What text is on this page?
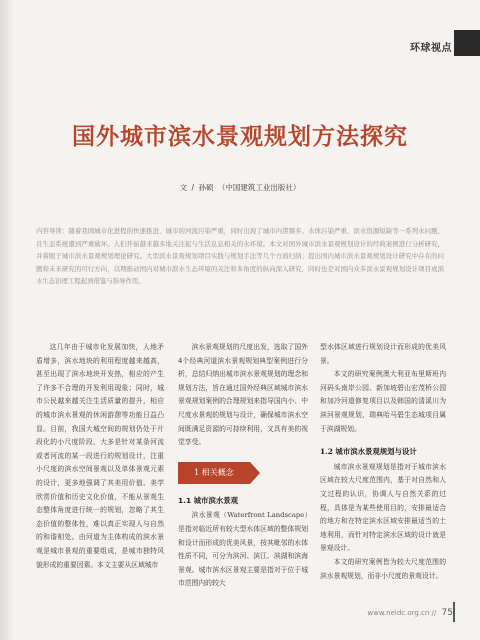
环球视点
国外城市滨水景观规划方法探究
文 / 孙硕 （中国建筑工业出版社）
内容导读：随着我国城市化进程的快速推进，城市的河流污染严重，同时出现了城市内涝频多、水体污染严重、滨水资源短缺等一系列水问题，且生态系统遭到严重破坏。人们开始越来越多地关注起与生活息息相关的水环境。本文对国外城市滨水景观规划设计的经典案例进行分析研究，并着眼于城市滨水景观规划理论研究。大型滨水景观规划项目实践与规划手法等几个方面归纳；提出国内城市滨水景观规划设计研究中存在的问题和未来研究的可行方向，以期推动国内对城市滨水生态环境的关注和多角度的纵向深入研究，同时也是对国内众多滨水景观规划设计项目或滨水生态治理工程起到借鉴与指导作用。

这几年由于城市化发展加快，人地矛盾增多，滨水地块的利用程度越来越高，甚至出现了滨水地块开发热，相应的产生了许多不合理的开发利用现象；同时，城市公民越来越关注生活质量的提升，相应的城市滨水景观的休闲游憩等功能日益凸显。目前，我国大城空间的规划仍处于片段化的小尺度阶段，大多是针对某条河流或者河流的某一段进行的规划设计，注重小尺度的滨水空间景观以及单体景观元素的设计，更多地强调了其美用价值、美学欣赏价值和历史文化价值，不能从景观生态整体角度进行统一的规划，忽略了其生态价值的整体性，难以真正实现人与自然的和谐相处。由河道为主体构成的滨水景观是城市景观的重要组成，是城市独特风貌形成的重要因素。本文主要从区域城市

滨水景观规划的尺度出发，选取了国外4个经典河道滨水景观规划典型案例进行分析，总结归纳出城市滨水景观规划的理念和规划方法，旨在通过国外经典区域城市滨水景观规划案例的合理规划来指导国内小、中尺度水景观的规划与设计，确保城市滨水空间既满足资源的可持续利用，又具有美的视觉享受。

1 相关概念
1.1 城市滨水景观

滨水景观（Waterfront Landscape）是指对临近所有较大型水体区域的整体规划和设计而形成的优美风景，按其毗邻的水体性质不同，可分为滨河、滨江、滨湖和滨海景观。城市滨水区景观主要是指对于位于城市范围内的较大

型水体区域进行规划设计而形成的优美风景。

本文的研究案例澳大利亚布里斯班内河码头南岸公园、新加坡碧山宏茂桥公园和加冷河道修复项目以及韩国的清溪川为滨河景观规划，瑞典哈马碧生态城项目属于滨湖规划。

1.2 城市滨水景观规划与设计

城市滨水景观规划是指对于城市滨水区域在较大尺度范围内，基于对自然和人文过程的认识，协调人与自然关系的过程，具体是为某些使用目的，安排最适合的地方和在特定滨水区域安排最适当的土地利用，而针对特定滨水区域的设计就是景观设计。

本文的研究案例皆为较大尺度范围的滨水景观规划，而非小尺度的景观设计。

www.neidc.org.cn // 75
